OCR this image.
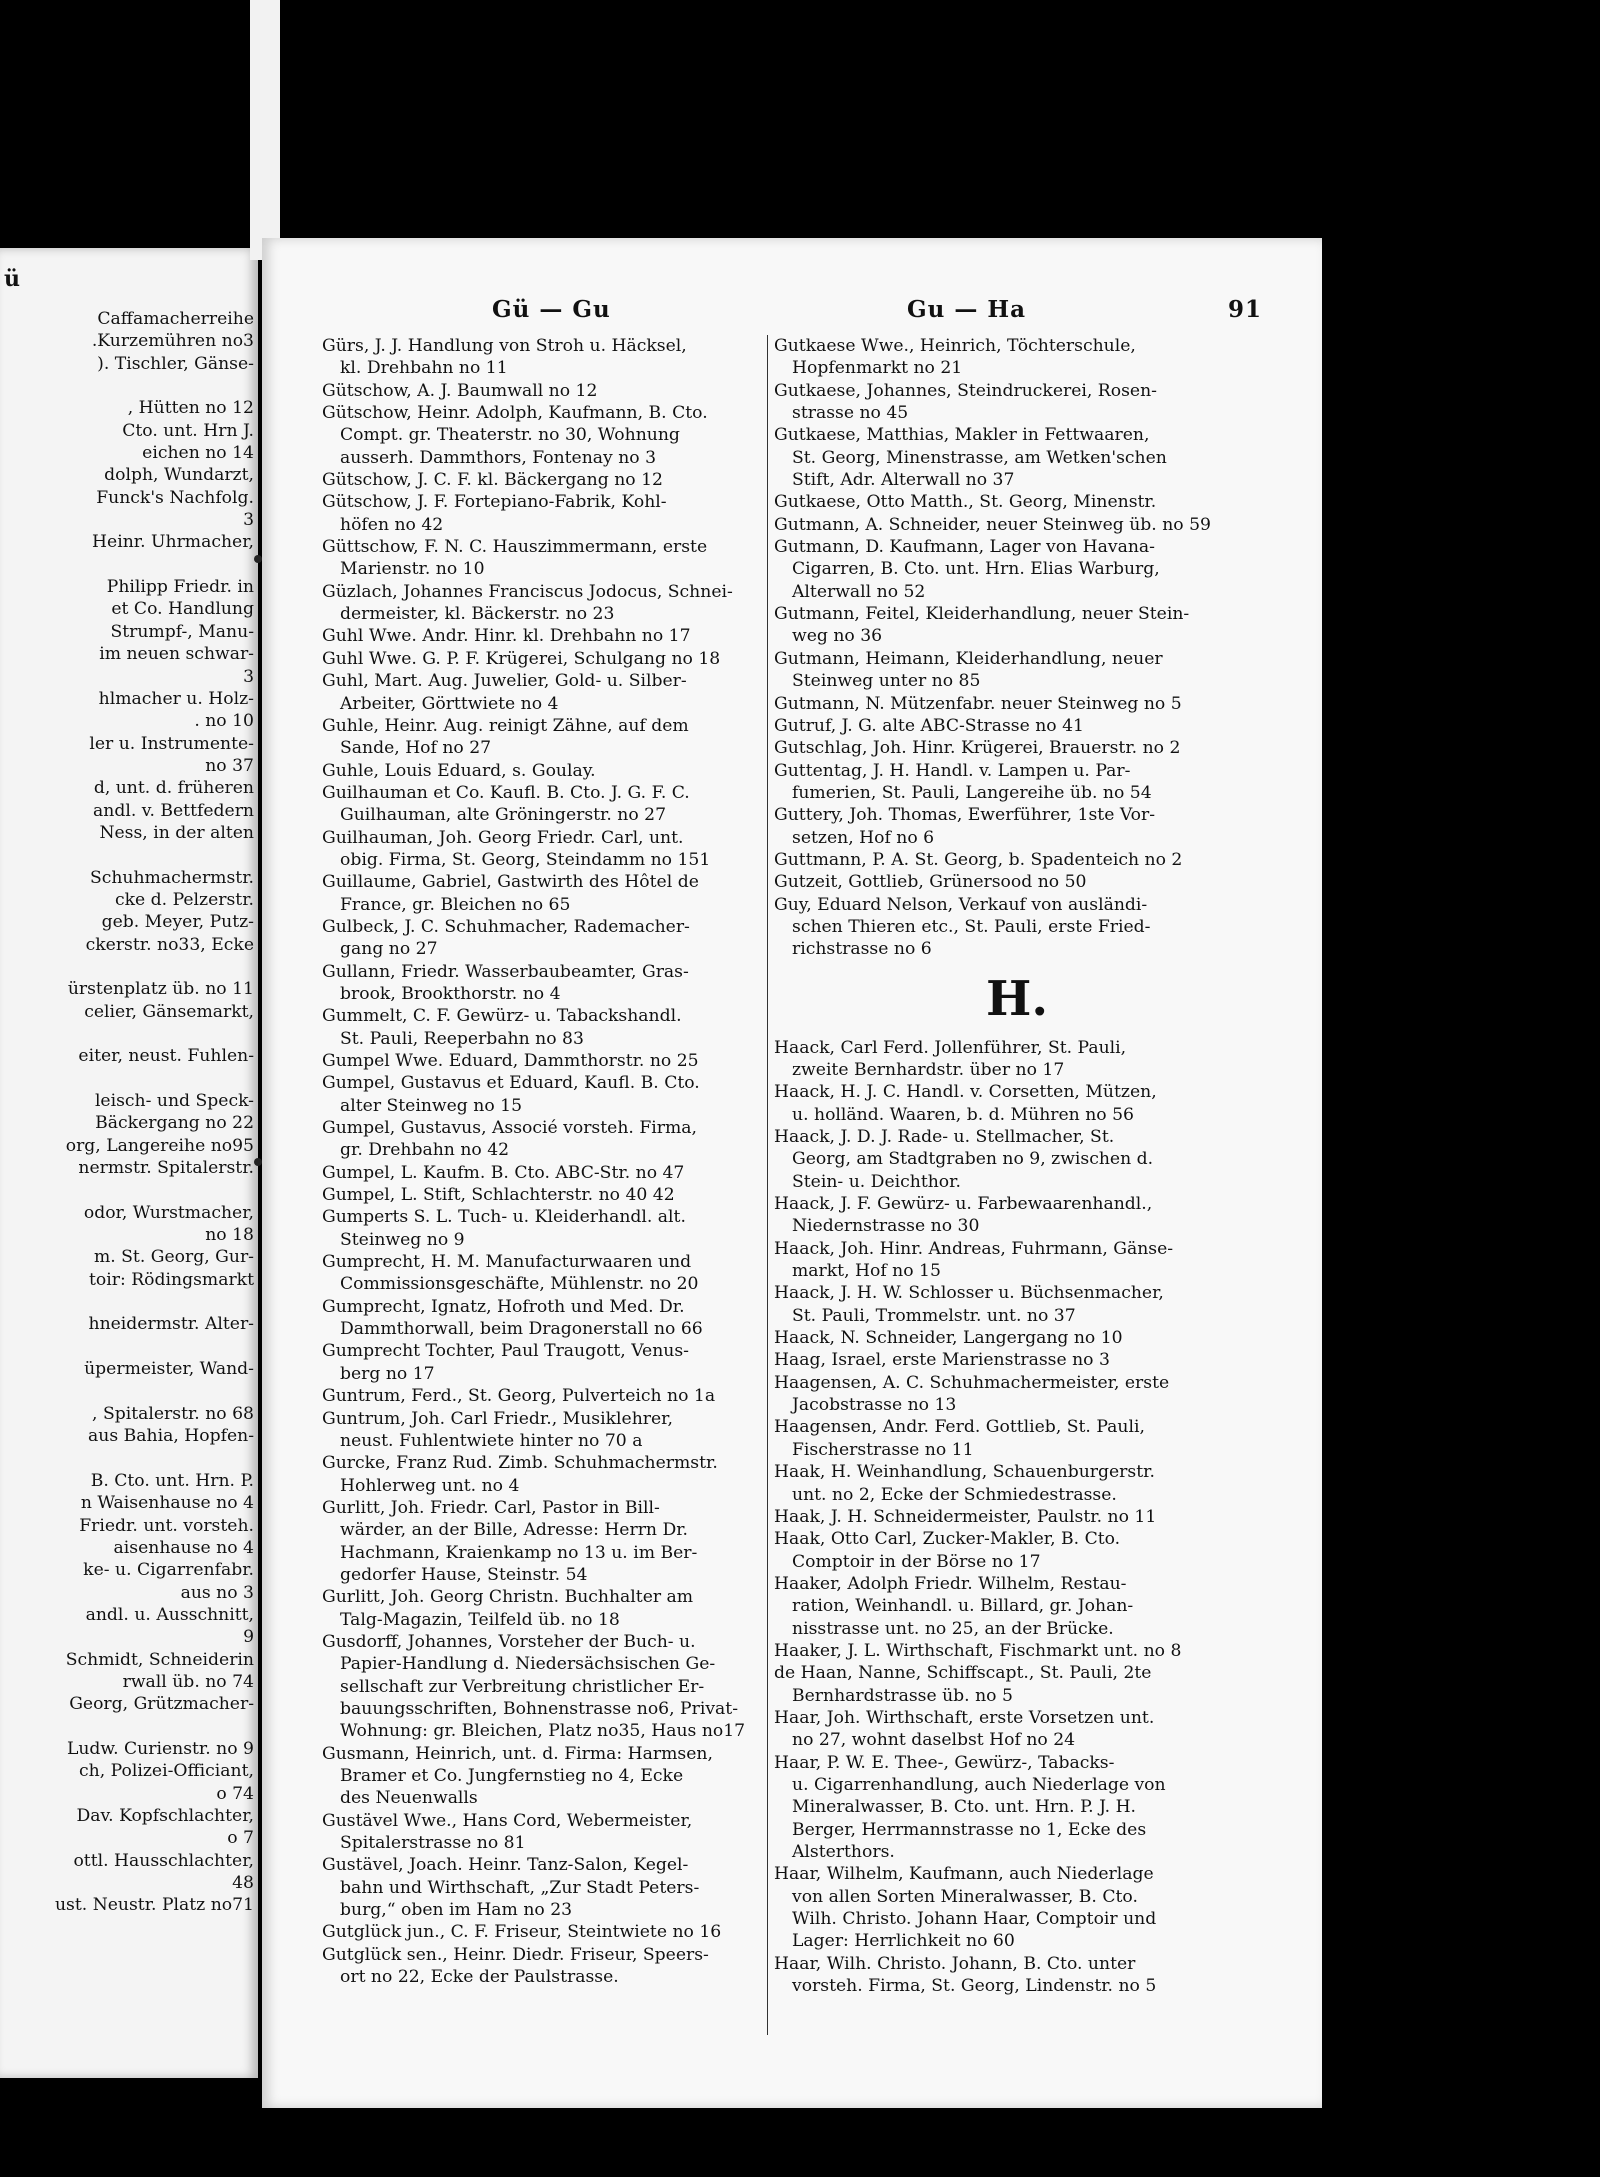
ü
Caffamacherreihe
.Kurzemühren no3
). Tischler, Gänse-
, Hütten no 12
Cto. unt. Hrn J.
eichen no 14
dolph, Wundarzt,
Funck's Nachfolg.
3
Heinr. Uhrmacher,
Philipp Friedr. in
et Co. Handlung
Strumpf-, Manu-
im neuen schwar-
3
hlmacher u. Holz-
. no 10
ler u. Instrumente-
no 37
d, unt. d. früheren
andl. v. Bettfedern
Ness, in der alten
Schuhmachermstr.
cke d. Pelzerstr.
geb. Meyer, Putz-
ckerstr. no33, Ecke
ürstenplatz üb. no 11
celier, Gänsemarkt,
eiter, neust. Fuhlen-
leisch- und Speck-
Bäckergang no 22
org, Langereihe no95
nermstr. Spitalerstr.
odor, Wurstmacher,
no 18
m. St. Georg, Gur-
toir: Rödingsmarkt
hneidermstr. Alter-
üpermeister, Wand-
, Spitalerstr. no 68
aus Bahia, Hopfen-
B. Cto. unt. Hrn. P.
n Waisenhause no 4
Friedr. unt. vorsteh.
aisenhause no 4
ke- u. Cigarrenfabr.
aus no 3
andl. u. Ausschnitt,
9
Schmidt, Schneiderin
rwall üb. no 74
Georg, Grützmacher-
Ludw. Curienstr. no 9
ch, Polizei-Officiant,
o 74
Dav. Kopfschlachter,
o 7
ottl. Hausschlachter,
48
ust. Neustr. Platz no71
Gü — Gu	Gu — Ha	91
Gürs, J. J. Handlung von Stroh u. Häcksel,
kl. Drehbahn no 11
Gütschow, A. J. Baumwall no 12
Gütschow, Heinr. Adolph, Kaufmann, B. Cto.
Compt. gr. Theaterstr. no 30, Wohnung
ausserh. Dammthors, Fontenay no 3
Gütschow, J. C. F. kl. Bäckergang no 12
Gütschow, J. F. Fortepiano-Fabrik, Kohl-
höfen no 42
Güttschow, F. N. C. Hauszimmermann, erste
Marienstr. no 10
Güzlach, Johannes Franciscus Jodocus, Schnei-
dermeister, kl. Bäckerstr. no 23
Guhl Wwe. Andr. Hinr. kl. Drehbahn no 17
Guhl Wwe. G. P. F. Krügerei, Schulgang no 18
Guhl, Mart. Aug. Juwelier, Gold- u. Silber-
Arbeiter, Görttwiete no 4
Guhle, Heinr. Aug. reinigt Zähne, auf dem
Sande, Hof no 27
Guhle, Louis Eduard, s. Goulay.
Guilhauman et Co. Kaufl. B. Cto. J. G. F. C.
Guilhauman, alte Gröningerstr. no 27
Guilhauman, Joh. Georg Friedr. Carl, unt.
obig. Firma, St. Georg, Steindamm no 151
Guillaume, Gabriel, Gastwirth des Hôtel de
France, gr. Bleichen no 65
Gulbeck, J. C. Schuhmacher, Rademacher-
gang no 27
Gullann, Friedr. Wasserbaubeamter, Gras-
brook, Brookthorstr. no 4
Gummelt, C. F. Gewürz- u. Tabackshandl.
St. Pauli, Reeperbahn no 83
Gumpel Wwe. Eduard, Dammthorstr. no 25
Gumpel, Gustavus et Eduard, Kaufl. B. Cto.
alter Steinweg no 15
Gumpel, Gustavus, Associé vorsteh. Firma,
gr. Drehbahn no 42
Gumpel, L. Kaufm. B. Cto. ABC-Str. no 47
Gumpel, L. Stift, Schlachterstr. no 40 42
Gumperts S. L. Tuch- u. Kleiderhandl. alt.
Steinweg no 9
Gumprecht, H. M. Manufacturwaaren und
Commissionsgeschäfte, Mühlenstr. no 20
Gumprecht, Ignatz, Hofroth und Med. Dr.
Dammthorwall, beim Dragonerstall no 66
Gumprecht Tochter, Paul Traugott, Venus-
berg no 17
Guntrum, Ferd., St. Georg, Pulverteich no 1a
Guntrum, Joh. Carl Friedr., Musiklehrer,
neust. Fuhlentwiete hinter no 70 a
Gurcke, Franz Rud. Zimb. Schuhmachermstr.
Hohlerweg unt. no 4
Gurlitt, Joh. Friedr. Carl, Pastor in Bill-
wärder, an der Bille, Adresse: Herrn Dr.
Hachmann, Kraienkamp no 13 u. im Ber-
gedorfer Hause, Steinstr. 54
Gurlitt, Joh. Georg Christn. Buchhalter am
Talg-Magazin, Teilfeld üb. no 18
Gusdorff, Johannes, Vorsteher der Buch- u.
Papier-Handlung d. Niedersächsischen Ge-
sellschaft zur Verbreitung christlicher Er-
bauungsschriften, Bohnenstrasse no6, Privat-
Wohnung: gr. Bleichen, Platz no35, Haus no17
Gusmann, Heinrich, unt. d. Firma: Harmsen,
Bramer et Co. Jungfernstieg no 4, Ecke
des Neuenwalls
Gustävel Wwe., Hans Cord, Webermeister,
Spitalerstrasse no 81
Gustävel, Joach. Heinr. Tanz-Salon, Kegel-
bahn und Wirthschaft, „Zur Stadt Peters-
burg,“ oben im Ham no 23
Gutglück jun., C. F. Friseur, Steintwiete no 16
Gutglück sen., Heinr. Diedr. Friseur, Speers-
ort no 22, Ecke der Paulstrasse.
Gutkaese Wwe., Heinrich, Töchterschule,
Hopfenmarkt no 21
Gutkaese, Johannes, Steindruckerei, Rosen-
strasse no 45
Gutkaese, Matthias, Makler in Fettwaaren,
St. Georg, Minenstrasse, am Wetken'schen
Stift, Adr. Alterwall no 37
Gutkaese, Otto Matth., St. Georg, Minenstr.
Gutmann, A. Schneider, neuer Steinweg üb. no 59
Gutmann, D. Kaufmann, Lager von Havana-
Cigarren, B. Cto. unt. Hrn. Elias Warburg,
Alterwall no 52
Gutmann, Feitel, Kleiderhandlung, neuer Stein-
weg no 36
Gutmann, Heimann, Kleiderhandlung, neuer
Steinweg unter no 85
Gutmann, N. Mützenfabr. neuer Steinweg no 5
Gutruf, J. G. alte ABC-Strasse no 41
Gutschlag, Joh. Hinr. Krügerei, Brauerstr. no 2
Guttentag, J. H. Handl. v. Lampen u. Par-
fumerien, St. Pauli, Langereihe üb. no 54
Guttery, Joh. Thomas, Ewerführer, 1ste Vor-
setzen, Hof no 6
Guttmann, P. A. St. Georg, b. Spadenteich no 2
Gutzeit, Gottlieb, Grünersood no 50
Guy, Eduard Nelson, Verkauf von ausländi-
schen Thieren etc., St. Pauli, erste Fried-
richstrasse no 6
H.
Haack, Carl Ferd. Jollenführer, St. Pauli,
zweite Bernhardstr. über no 17
Haack, H. J. C. Handl. v. Corsetten, Mützen,
u. holländ. Waaren, b. d. Mühren no 56
Haack, J. D. J. Rade- u. Stellmacher, St.
Georg, am Stadtgraben no 9, zwischen d.
Stein- u. Deichthor.
Haack, J. F. Gewürz- u. Farbewaarenhandl.,
Niedernstrasse no 30
Haack, Joh. Hinr. Andreas, Fuhrmann, Gänse-
markt, Hof no 15
Haack, J. H. W. Schlosser u. Büchsenmacher,
St. Pauli, Trommelstr. unt. no 37
Haack, N. Schneider, Langergang no 10
Haag, Israel, erste Marienstrasse no 3
Haagensen, A. C. Schuhmachermeister, erste
Jacobstrasse no 13
Haagensen, Andr. Ferd. Gottlieb, St. Pauli,
Fischerstrasse no 11
Haak, H. Weinhandlung, Schauenburgerstr.
unt. no 2, Ecke der Schmiedestrasse.
Haak, J. H. Schneidermeister, Paulstr. no 11
Haak, Otto Carl, Zucker-Makler, B. Cto.
Comptoir in der Börse no 17
Haaker, Adolph Friedr. Wilhelm, Restau-
ration, Weinhandl. u. Billard, gr. Johan-
nisstrasse unt. no 25, an der Brücke.
Haaker, J. L. Wirthschaft, Fischmarkt unt. no 8
de Haan, Nanne, Schiffscapt., St. Pauli, 2te
Bernhardstrasse üb. no 5
Haar, Joh. Wirthschaft, erste Vorsetzen unt.
no 27, wohnt daselbst Hof no 24
Haar, P. W. E. Thee-, Gewürz-, Tabacks-
u. Cigarrenhandlung, auch Niederlage von
Mineralwasser, B. Cto. unt. Hrn. P. J. H.
Berger, Herrmannstrasse no 1, Ecke des
Alsterthors.
Haar, Wilhelm, Kaufmann, auch Niederlage
von allen Sorten Mineralwasser, B. Cto.
Wilh. Christo. Johann Haar, Comptoir und
Lager: Herrlichkeit no 60
Haar, Wilh. Christo. Johann, B. Cto. unter
vorsteh. Firma, St. Georg, Lindenstr. no 5
